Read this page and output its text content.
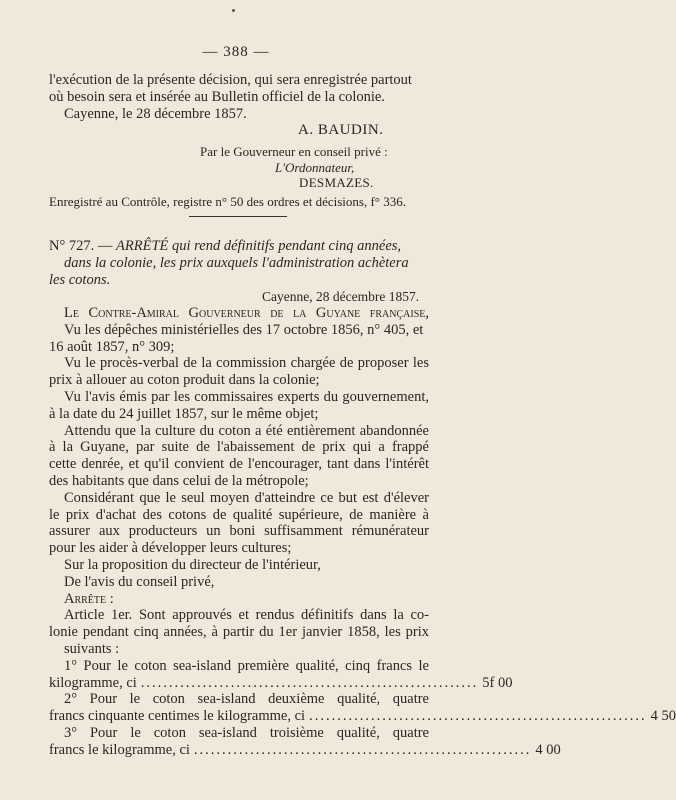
— 388 —
l'exécution de la présente décision, qui sera enregistrée partout
où besoin sera et insérée au Bulletin officiel de la colonie.
Cayenne, le 28 décembre 1857.
A. BAUDIN.
Par le Gouverneur en conseil privé :
L'Ordonnateur,
DESMAZES.
Enregistré au Contrôle, registre n° 50 des ordres et décisions, f° 336.
N° 727. — ARRÊTÉ qui rend définitifs pendant cinq années,
dans la colonie, les prix auxquels l'administration achètera
les cotons.
Cayenne, 28 décembre 1857.
Le Contre-Amiral Gouverneur de la Guyane française,
Vu les dépêches ministérielles des 17 octobre 1856, n° 405, et
16 août 1857, n° 309;
Vu le procès-verbal de la commission chargée de proposer les
prix à allouer au coton produit dans la colonie;
Vu l'avis émis par les commissaires experts du gouvernement,
à la date du 24 juillet 1857, sur le même objet;
Attendu que la culture du coton a été entièrement abandonnée
à la Guyane, par suite de l'abaissement de prix qui a frappé
cette denrée, et qu'il convient de l'encourager, tant dans l'intérêt
des habitants que dans celui de la métropole;
Considérant que le seul moyen d'atteindre ce but est d'élever
le prix d'achat des cotons de qualité supérieure, de manière à
assurer aux producteurs un boni suffisamment rémunérateur
pour les aider à développer leurs cultures;
Sur la proposition du directeur de l'intérieur,
De l'avis du conseil privé,
Arrête :
Article 1er. Sont approuvés et rendus définitifs dans la co-
lonie pendant cinq années, à partir du 1er janvier 1858, les prix
suivants :
1° Pour le coton sea-island première qualité, cinq francs le
kilogramme, ci ............................................................ 5f 00
2° Pour le coton sea-island deuxième qualité, quatre
francs cinquante centimes le kilogramme, ci ............................................................ 4 50
3° Pour le coton sea-island troisième qualité, quatre
francs le kilogramme, ci ............................................................ 4 00
